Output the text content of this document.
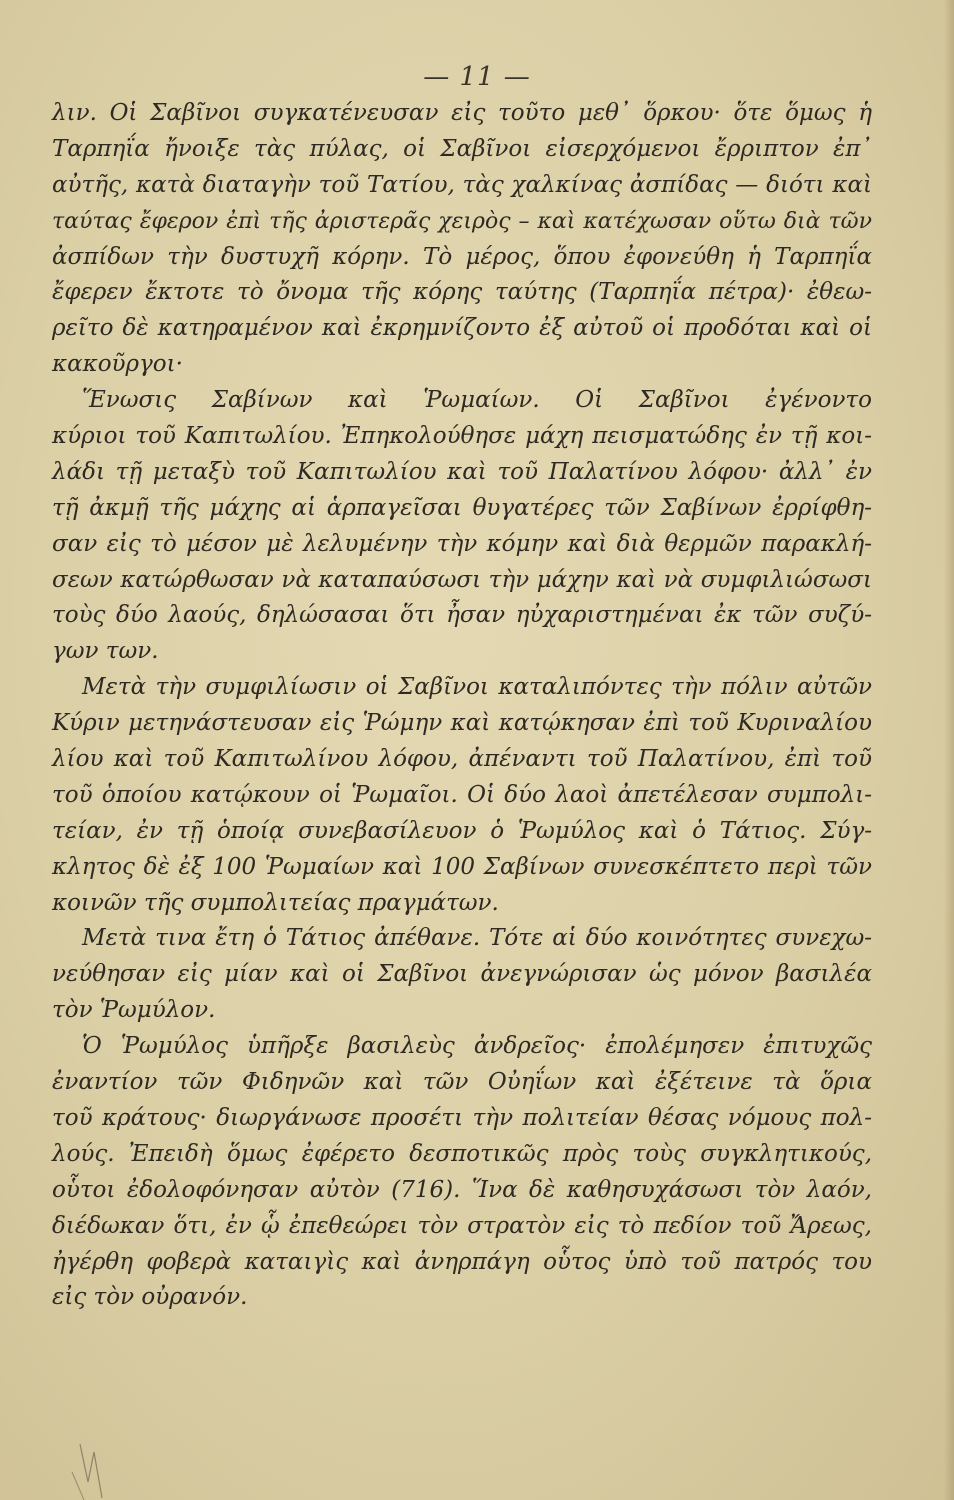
— 11 —
λιν. Οἱ Σαβῖνοι συγκατένευσαν εἰς τοῦτο μεθ᾿ ὅρκου· ὅτε ὅμως ἡ
Ταρπηΐα ἤνοιξε τὰς πύλας, οἱ Σαβῖνοι εἰσερχόμενοι ἔρριπτον ἐπ᾿
αὐτῆς, κατὰ διαταγὴν τοῦ Τατίου, τὰς χαλκίνας ἀσπίδας — διότι καὶ
ταύτας ἔφερον ἐπὶ τῆς ἀριστερᾶς χειρὸς – καὶ κατέχωσαν οὕτω διὰ τῶν
ἀσπίδων τὴν δυστυχῆ κόρην. Τὸ μέρος, ὅπου ἐφονεύθη ἡ Ταρπηΐα
ἔφερεν ἔκτοτε τὸ ὄνομα τῆς κόρης ταύτης (Ταρπηΐα πέτρα)· ἐθεω-
ρεῖτο δὲ κατηραμένον καὶ ἐκρημνίζοντο ἐξ αὐτοῦ οἱ προδόται καὶ οἱ
κακοῦργοι·
Ἕνωσις Σαβίνων καὶ Ῥωμαίων. Οἱ Σαβῖνοι ἐγένοντο
κύριοι τοῦ Καπιτωλίου. Ἐπηκολούθησε μάχη πεισματώδης ἐν τῇ κοι-
λάδι τῇ μεταξὺ τοῦ Καπιτωλίου καὶ τοῦ Παλατίνου λόφου· ἀλλ᾿ ἐν
τῇ ἀκμῇ τῆς μάχης αἱ ἁρπαγεῖσαι θυγατέρες τῶν Σαβίνων ἐρρίφθη-
σαν εἰς τὸ μέσον μὲ λελυμένην τὴν κόμην καὶ διὰ θερμῶν παρακλή-
σεων κατώρθωσαν νὰ καταπαύσωσι τὴν μάχην καὶ νὰ συμφιλιώσωσι
τοὺς δύο λαούς, δηλώσασαι ὅτι ἦσαν ηὐχαριστημέναι ἐκ τῶν συζύ-
γων των.
Μετὰ τὴν συμφιλίωσιν οἱ Σαβῖνοι καταλιπόντες τὴν πόλιν αὐτῶν
Κύριν μετηνάστευσαν εἰς Ῥώμην καὶ κατῴκησαν ἐπὶ τοῦ Κυριναλίου
λίου καὶ τοῦ Καπιτωλίνου λόφου, ἀπέναντι τοῦ Παλατίνου, ἐπὶ τοῦ
τοῦ ὁποίου κατῴκουν οἱ Ῥωμαῖοι. Οἱ δύο λαοὶ ἀπετέλεσαν συμπολι-
τείαν, ἐν τῇ ὁποίᾳ συνεβασίλευον ὁ Ῥωμύλος καὶ ὁ Τάτιος. Σύγ-
κλητος δὲ ἐξ 100 Ῥωμαίων καὶ 100 Σαβίνων συνεσκέπτετο περὶ τῶν
κοινῶν τῆς συμπολιτείας πραγμάτων.
Μετὰ τινα ἔτη ὁ Τάτιος ἀπέθανε. Τότε αἱ δύο κοινότητες συνεχω-
νεύθησαν εἰς μίαν καὶ οἱ Σαβῖνοι ἀνεγνώρισαν ὡς μόνον βασιλέα
τὸν Ῥωμύλον.
Ὁ Ῥωμύλος ὑπῆρξε βασιλεὺς ἀνδρεῖος· ἐπολέμησεν ἐπιτυχῶς
ἐναντίον τῶν Φιδηνῶν καὶ τῶν Οὐηΐων καὶ ἐξέτεινε τὰ ὅρια
τοῦ κράτους· διωργάνωσε προσέτι τὴν πολιτείαν θέσας νόμους πολ-
λούς. Ἐπειδὴ ὅμως ἐφέρετο δεσποτικῶς πρὸς τοὺς συγκλητικούς,
οὗτοι ἐδολοφόνησαν αὐτὸν (716). Ἵνα δὲ καθησυχάσωσι τὸν λαόν,
διέδωκαν ὅτι, ἐν ᾧ ἐπεθεώρει τὸν στρατὸν εἰς τὸ πεδίον τοῦ Ἄρεως,
ἠγέρθη φοβερὰ καταιγὶς καὶ ἀνηρπάγη οὗτος ὑπὸ τοῦ πατρός του
εἰς τὸν οὐρανόν.
